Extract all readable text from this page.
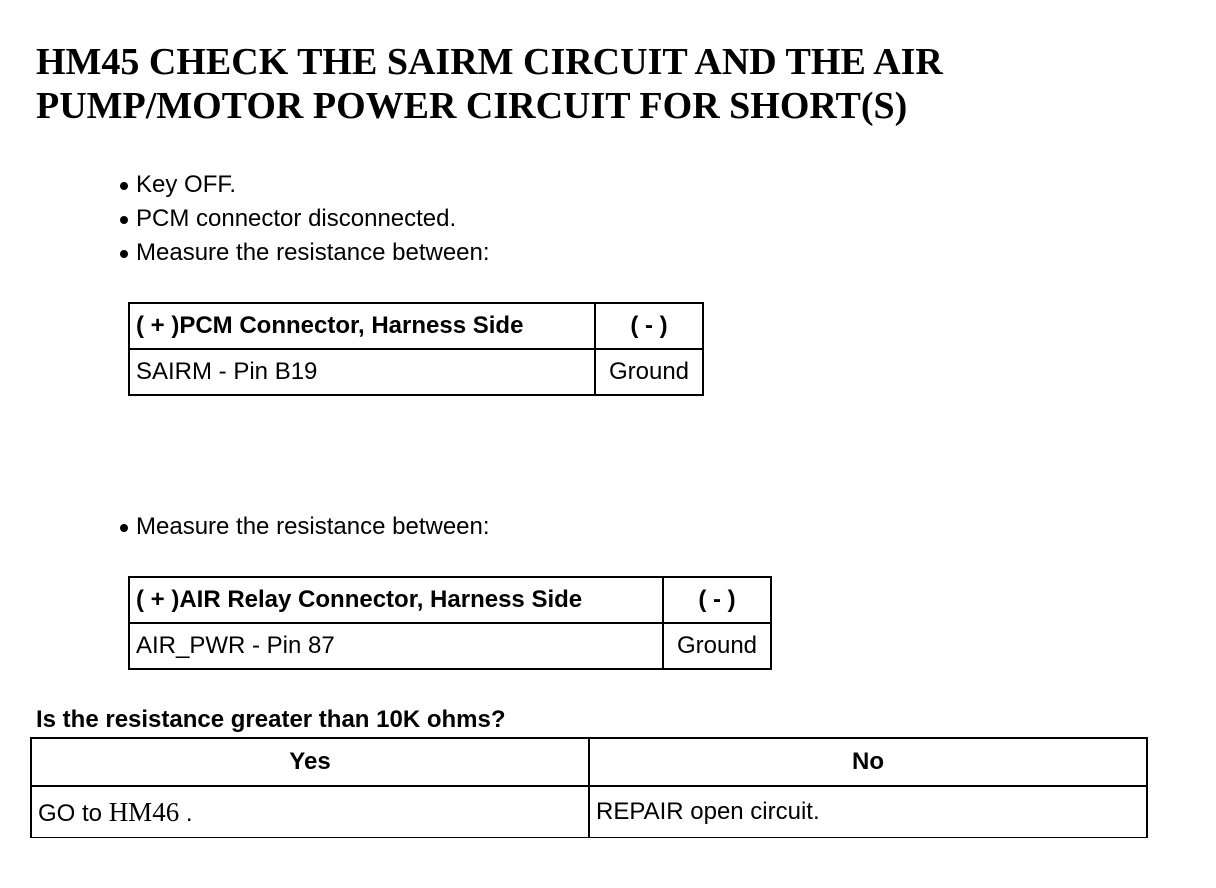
HM45 CHECK THE SAIRM CIRCUIT AND THE AIR
PUMP/MOTOR POWER CIRCUIT FOR SHORT(S)
Key OFF.
PCM connector disconnected.
Measure the resistance between:
( + )PCM Connector, Harness Side	( - )
SAIRM - Pin B19	Ground
Measure the resistance between:
( + )AIR Relay Connector, Harness Side	( - )
AIR_PWR - Pin 87	Ground

Is the resistance greater than 10K ohms?

Yes	No
GO to HM46 .	REPAIR open circuit.
